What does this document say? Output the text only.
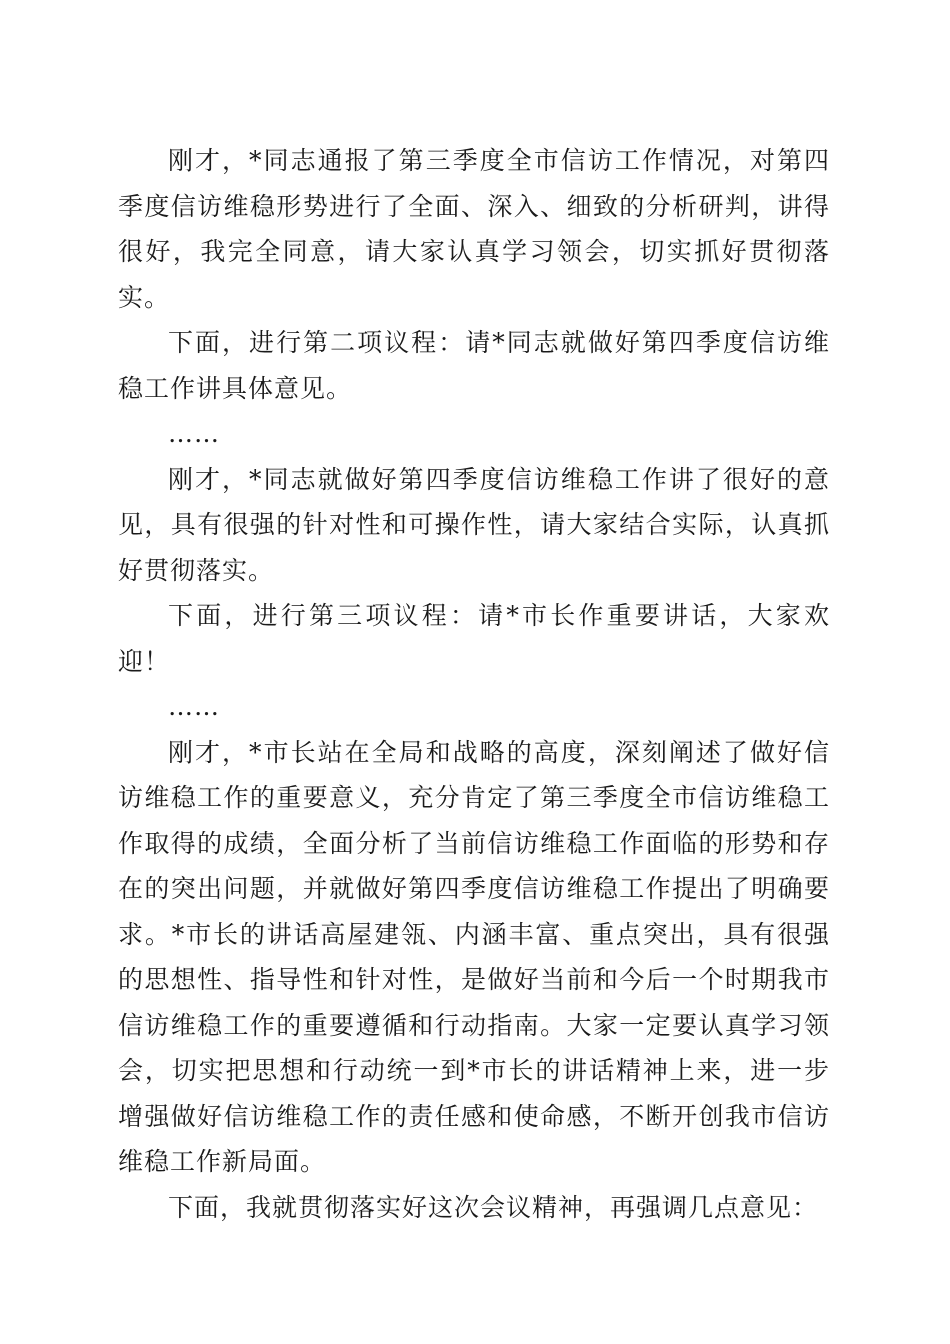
刚才，*同志通报了第三季度全市信访工作情况，对第四季度信访维稳形势进行了全面、深入、细致的分析研判，讲得很好，我完全同意，请大家认真学习领会，切实抓好贯彻落实。

下面，进行第二项议程：请*同志就做好第四季度信访维稳工作讲具体意见。

……

刚才，*同志就做好第四季度信访维稳工作讲了很好的意见，具有很强的针对性和可操作性，请大家结合实际，认真抓好贯彻落实。

下面，进行第三项议程：请*市长作重要讲话，大家欢迎！

……

刚才，*市长站在全局和战略的高度，深刻阐述了做好信访维稳工作的重要意义，充分肯定了第三季度全市信访维稳工作取得的成绩，全面分析了当前信访维稳工作面临的形势和存在的突出问题，并就做好第四季度信访维稳工作提出了明确要求。*市长的讲话高屋建瓴、内涵丰富、重点突出，具有很强的思想性、指导性和针对性，是做好当前和今后一个时期我市信访维稳工作的重要遵循和行动指南。大家一定要认真学习领会，切实把思想和行动统一到*市长的讲话精神上来，进一步增强做好信访维稳工作的责任感和使命感，不断开创我市信访维稳工作新局面。

下面，我就贯彻落实好这次会议精神，再强调几点意见：
